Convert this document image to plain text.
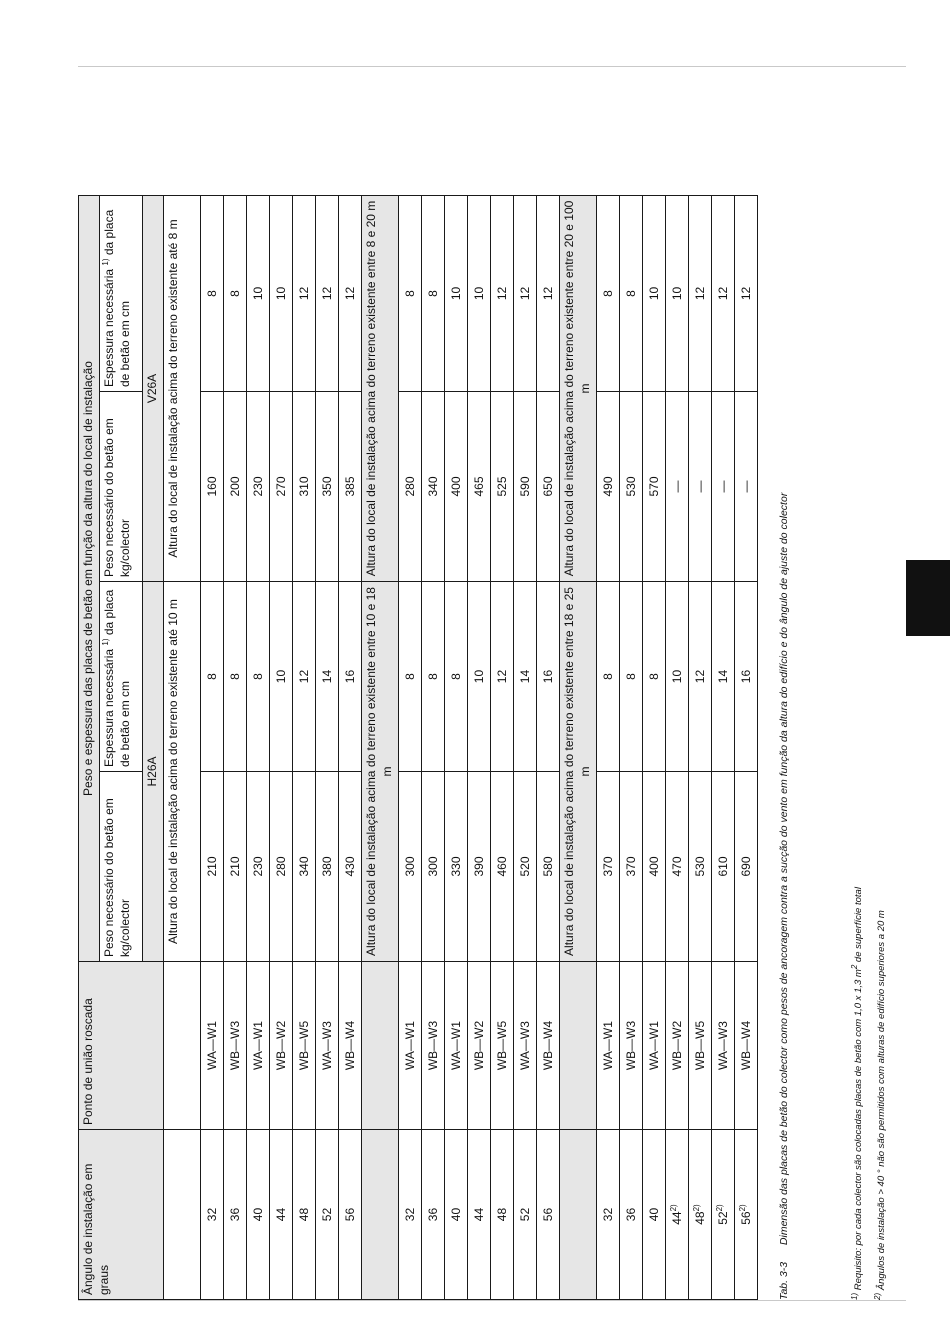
Ângulo de instalação em graus	Ponto de união roscada	Peso e espessura das placas de betão em função da altura do local de instalação			
		Peso necessário do betão em kg/colector	Espessura necessária $^{1)}$ da placa de betão em cm	Peso necessário do betão em kg/colector	Espessura necessária $^{1)}$ da placa de betão em cm
		H26A		V26A	
		Altura do local de instalação acima do terreno existente até 10 m		Altura do local de instalação acima do terreno existente até 8 m	
32	WA—W1	210	8	160	8
36	WB—W3	210	8	200	8
40	WA—W1	230	8	230	10
44	WB—W2	280	10	270	10
48	WB—W5	340	12	310	12
52	WA—W3	380	14	350	12
56	WB—W4	430	16	385	12
		Altura do local de instalação acima do terreno existente entre 10 e 18 m		Altura do local de instalação acima do terreno existente entre 8 e 20 m	
32	WA—W1	300	8	280	8
36	WB—W3	300	8	340	8
40	WA—W1	330	8	400	10
44	WB—W2	390	10	465	10
48	WB—W5	460	12	525	12
52	WA—W3	520	14	590	12
56	WB—W4	580	16	650	12
		Altura do local de instalação acima do terreno existente entre 18 e 25 m		Altura do local de instalação acima do terreno existente entre 20 e 100 m	
32	WA—W1	370	8	490	8
36	WB—W3	370	8	530	8
40	WA—W1	400	8	570	10
44$^{2)}$	WB—W2	470	10	—	10
48$^{2)}$	WB—W5	530	12	—	12
52$^{2)}$	WA—W3	610	14	—	12
56$^{2)}$	WB—W4	690	16	—	12
Tab. 3-3 Dimensão das placas de betão do colector como pesos de ancoragem contra a sucção do vento em função da altura do edifício e do ângulo de ajuste do colector
$^{1)}$ Requisito: por cada colector são colocadas placas de betão com 1,0 x 1,3 $m^2$ de superfície total
$^{2)}$ Ângulos de instalação > 40 ° não são permitidos com alturas de edifício superiores a 20 m
